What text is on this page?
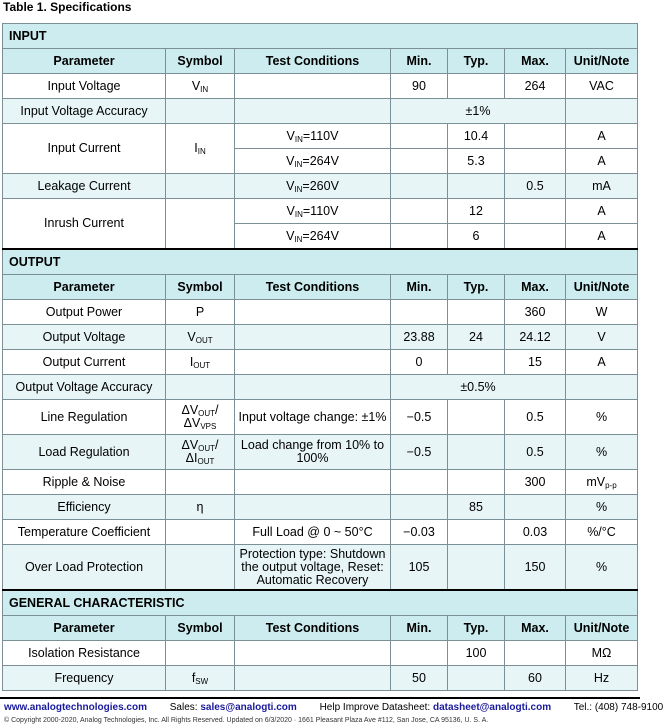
Table 1. Specifications
INPUT						
Parameter	Symbol	Test Conditions	Min.	Typ.	Max.	Unit/Note
Input Voltage	$V_{IN}$		90		264	VAC
Input Voltage Accuracy			±1%			
Input Current	$I_{IN}$	$V_{IN}=110V$		10.4		A
		$V_{IN}=264V$		5.3		A
Leakage Current		$V_{IN}=260V$			0.5	mA
Inrush Current		$V_{IN}=110V$		12		A
		$V_{IN}=264V$		6		A
OUTPUT						
Parameter	Symbol	Test Conditions	Min.	Typ.	Max.	Unit/Note
Output Power	P				360	W
Output Voltage	$V_{OUT}$		23.88	24	24.12	V
Output Current	$I_{OUT}$		0		15	A
Output Voltage Accuracy			±0.5%			
Line Regulation	$\Delta V_{OUT}/\Delta V_{VPS}$	Input voltage change: ±1%	−0.5		0.5	%
Load Regulation	$\Delta V_{OUT}/\Delta I_{OUT}$	Load change from 10% to 100%	−0.5		0.5	%
Ripple & Noise					300	$mV_{p-p}$
Efficiency	η			85		%
Temperature Coefficient		Full Load @ 0 ~ 50°C	−0.03		0.03	%/°C
Over Load Protection		Protection type: Shutdown the output voltage, Reset: Automatic Recovery	105		150	%
GENERAL CHARACTERISTIC						
Parameter	Symbol	Test Conditions	Min.	Typ.	Max.	Unit/Note
Isolation Resistance				100		MΩ
Frequency	$f_{SW}$		50		60	Hz
www.analogtechnologies.com Sales: sales@analogti.com Help Improve Datasheet: datasheet@analogti.com Tel.: (408) 748-9100
© Copyright 2000-2020, Analog Technologies, Inc. All Rights Reserved. Updated on 6/3/2020 · 1661 Pleasant Plaza Ave #112, San Jose, CA 95136, U. S. A.
